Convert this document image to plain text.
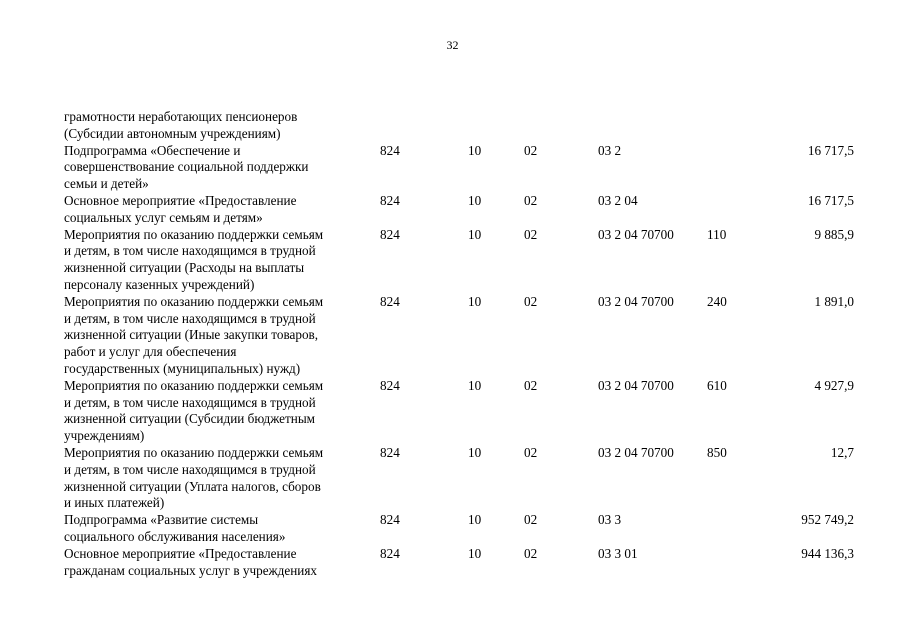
32
грамотности неработающих пенсионеров
(Субсидии автономным учреждениям)							

Подпрограмма «Обеспечение и
совершенствование социальной поддержки
семьи и детей»		824	10	02	03 2		16 717,5

Основное мероприятие «Предоставление
социальных услуг семьям и детям»		824	10	02	03 2 04		16 717,5

Мероприятия по оказанию поддержки семьям
и детям, в том числе находящимся в трудной
жизненной ситуации (Расходы на выплаты
персоналу казенных учреждений)		824	10	02	03 2 04 70700	110	9 885,9

Мероприятия по оказанию поддержки семьям
и детям, в том числе находящимся в трудной
жизненной ситуации (Иные закупки товаров,
работ и услуг для обеспечения
государственных (муниципальных) нужд)		824	10	02	03 2 04 70700	240	1 891,0

Мероприятия по оказанию поддержки семьям
и детям, в том числе находящимся в трудной
жизненной ситуации (Субсидии бюджетным
учреждениям)		824	10	02	03 2 04 70700	610	4 927,9

Мероприятия по оказанию поддержки семьям
и детям, в том числе находящимся в трудной
жизненной ситуации (Уплата налогов, сборов
и иных платежей)		824	10	02	03 2 04 70700	850	12,7

Подпрограмма «Развитие системы
социального обслуживания населения»		824	10	02	03 3		952 749,2

Основное мероприятие «Предоставление
гражданам социальных услуг в учреждениях		824	10	02	03 3 01		944 136,3
